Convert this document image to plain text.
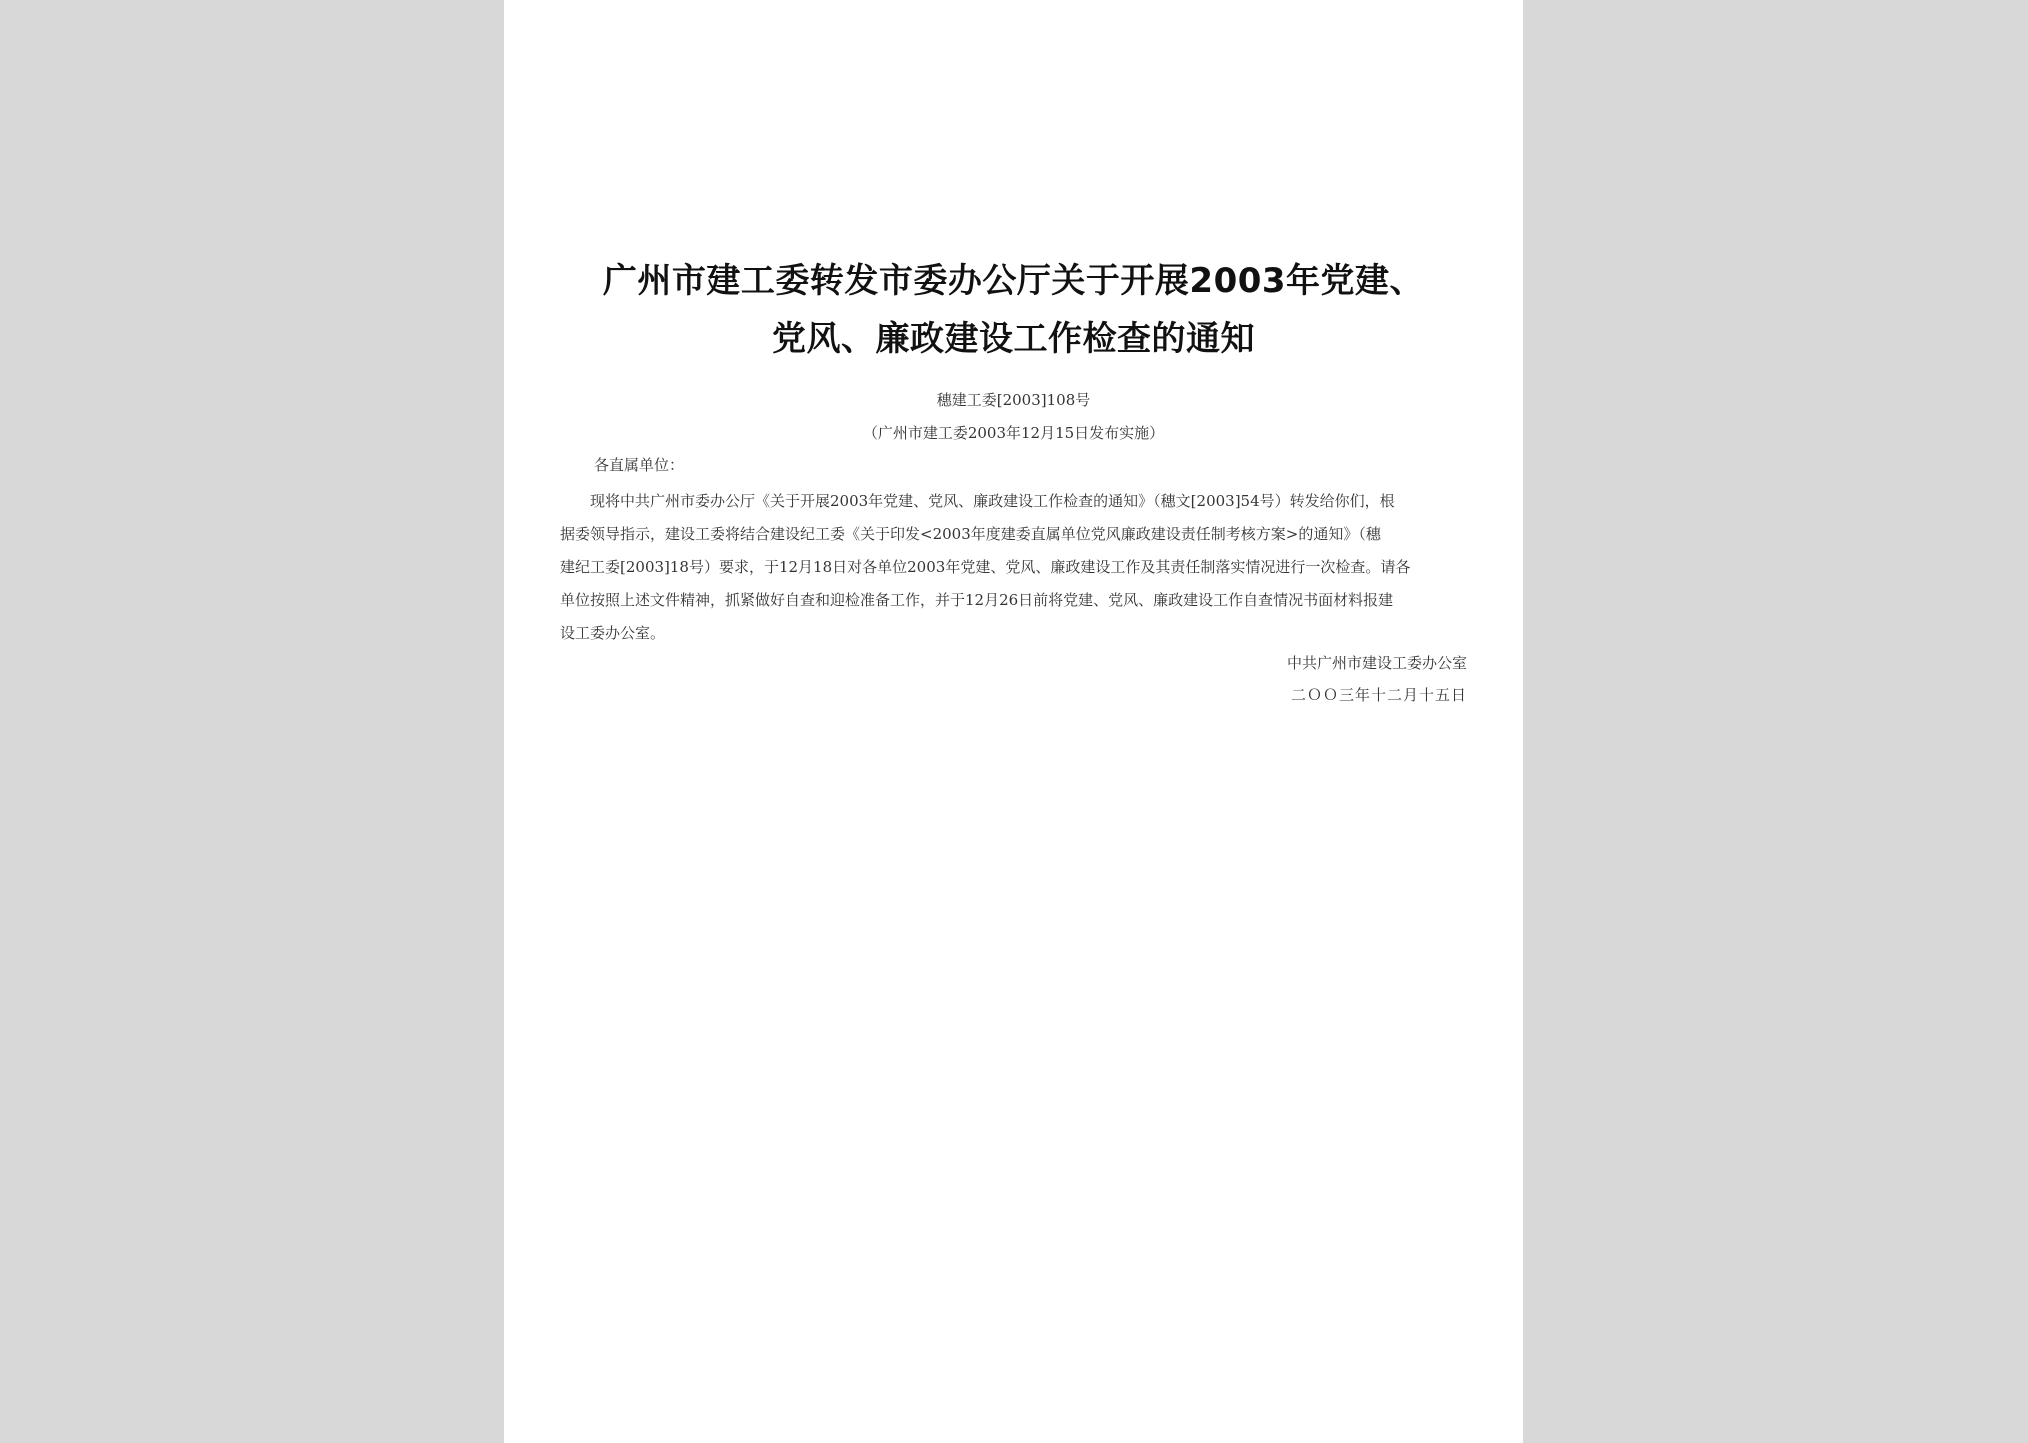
广州市建工委转发市委办公厅关于开展2003年党建、
党风、廉政建设工作检查的通知
穗建工委[2003]108号
（广州市建工委2003年12月15日发布实施）
各直属单位：
　　现将中共广州市委办公厅《关于开展2003年党建、党风、廉政建设工作检查的通知》（穗文[2003]54号）转发给你们，根
据委领导指示，建设工委将结合建设纪工委《关于印发<2003年度建委直属单位党风廉政建设责任制考核方案>的通知》（穗
建纪工委[2003]18号）要求，于12月18日对各单位2003年党建、党风、廉政建设工作及其责任制落实情况进行一次检查。请各
单位按照上述文件精神，抓紧做好自查和迎检准备工作，并于12月26日前将党建、党风、廉政建设工作自查情况书面材料报建
设工委办公室。
中共广州市建设工委办公室
二ＯＯ三年十二月十五日
